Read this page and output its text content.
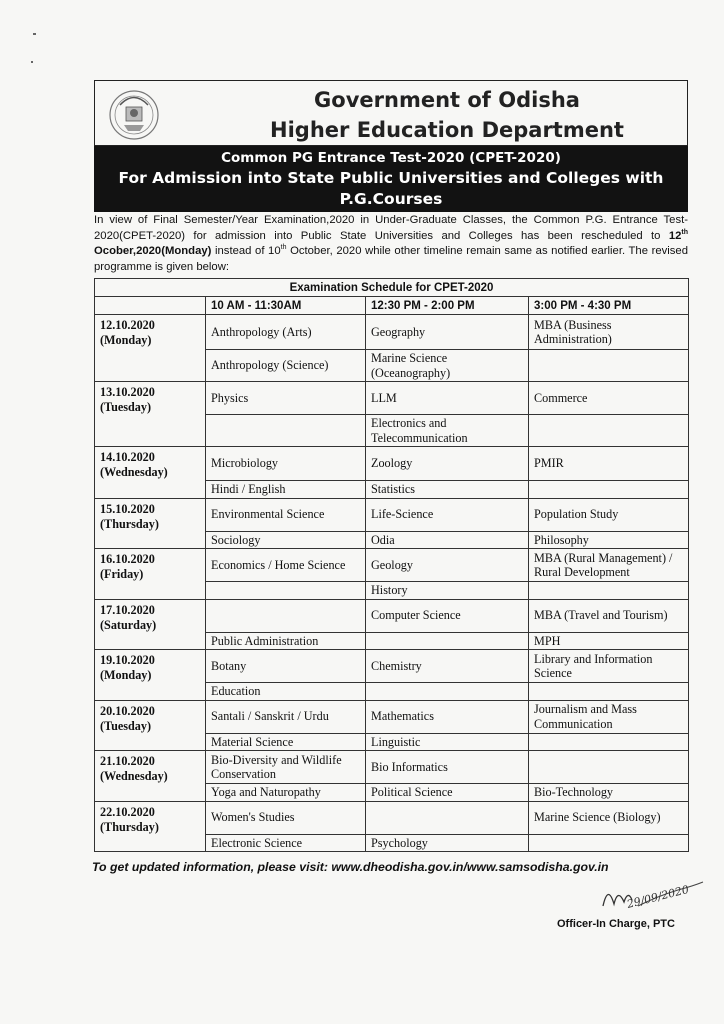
Government of Odisha
Higher Education Department
Common PG Entrance Test-2020 (CPET-2020)
For Admission into State Public Universities and Colleges with
P.G.Courses
In view of Final Semester/Year Examination,2020 in Under-Graduate Classes, the Common P.G. Entrance Test-2020(CPET-2020) for admission into Public State Universities and Colleges has been rescheduled to 12th Ocober,2020(Monday) instead of 10th October, 2020 while other timeline remain same as notified earlier. The revised programme is given below:
Examination Schedule for CPET-2020			
	10 AM - 11:30AM	12:30 PM - 2:00 PM	3:00 PM - 4:30 PM

12.10.2020
(Monday)	Anthropology (Arts)	Geography	MBA (Business Administration)
	Anthropology (Science)	Marine Science (Oceanography)	

13.10.2020
(Tuesday)	Physics	LLM	Commerce
		Electronics and Telecommunication	

14.10.2020
(Wednesday)	Microbiology	Zoology	PMIR
	Hindi / English	Statistics	

15.10.2020
(Thursday)	Environmental Science	Life-Science	Population Study
	Sociology	Odia	Philosophy

16.10.2020
(Friday)	Economics / Home Science	Geology	MBA (Rural Management) / Rural Development
		History	

17.10.2020
(Saturday)		Computer Science	MBA (Travel and Tourism)
	Public Administration		MPH

19.10.2020
(Monday)	Botany	Chemistry	Library and Information Science
	Education		

20.10.2020
(Tuesday)	Santali / Sanskrit / Urdu	Mathematics	Journalism and Mass Communication
	Material Science	Linguistic	

21.10.2020
(Wednesday)	Bio-Diversity and Wildlife Conservation	Bio Informatics	
	Yoga and Naturopathy	Political Science	Bio-Technology

22.10.2020
(Thursday)	Women's Studies		Marine Science (Biology)
	Electronic Science	Psychology	
To get updated information, please visit: www.dheodisha.gov.in/www.samsodisha.gov.in
29/09/2020
Officer-In Charge, PTC
